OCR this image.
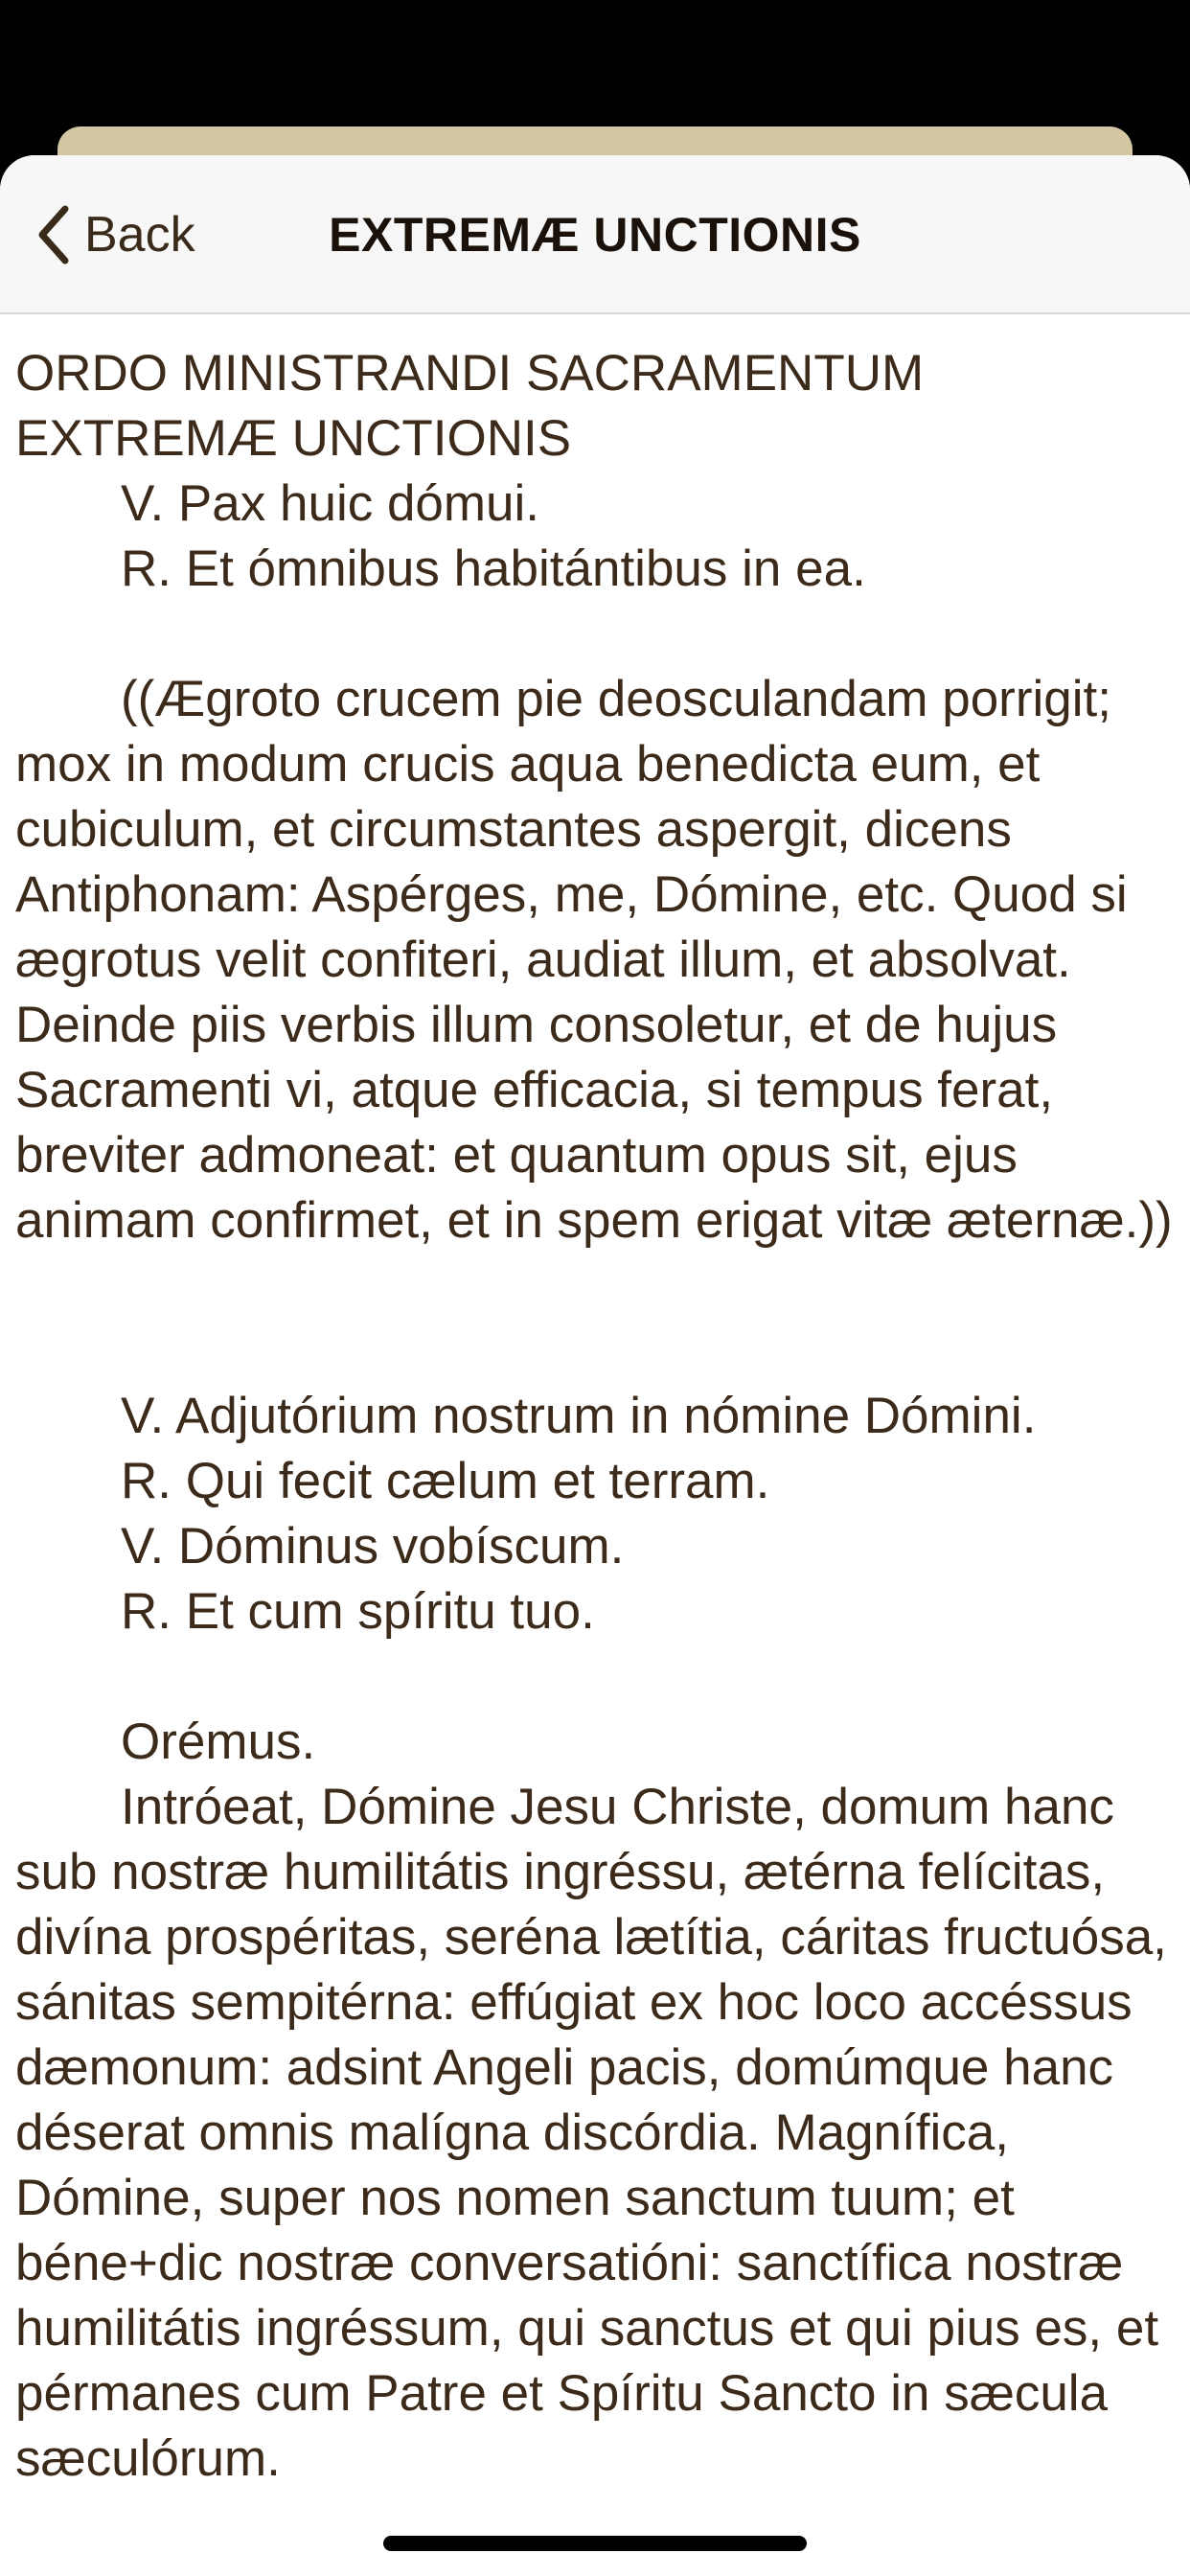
Back	EXTREMÆ UNCTIONIS

ORDO MINISTRANDI SACRAMENTUM

EXTREMÆ UNCTIONIS

V. Pax huic dómui.

R. Et ómnibus habitántibus in ea.

((Ægroto crucem pie deosculandam porrigit; mox in modum crucis aqua benedicta eum, et cubiculum, et circumstantes aspergit, dicens Antiphonam: Aspérges, me, Dómine, etc. Quod si ægrotus velit confiteri, audiat illum, et absolvat. Deinde piis verbis illum consoletur, et de hujus Sacramenti vi, atque efficacia, si tempus ferat, breviter admoneat: et quantum opus sit, ejus animam confirmet, et in spem erigat vitæ æternæ.))

V. Adjutórium nostrum in nómine Dómini.

R. Qui fecit cælum et terram.

V. Dóminus vobíscum.

R. Et cum spíritu tuo.

Orémus.

Intróeat, Dómine Jesu Christe, domum hanc sub nostræ humilitátis ingréssu, ætérna felícitas, divína prospéritas, seréna lætítia, cáritas fructuósa, sánitas sempitérna: effúgiat ex hoc loco accéssus dæmonum: adsint Angeli pacis, domúmque hanc déserat omnis malígna discórdia. Magnífica, Dómine, super nos nomen sanctum tuum; et béne+dic nostræ conversatióni: sanctífica nostræ humilitátis ingréssum, qui sanctus et qui pius es, et pérmanes cum Patre et Spíritu Sancto in sæcula sæculórum.
